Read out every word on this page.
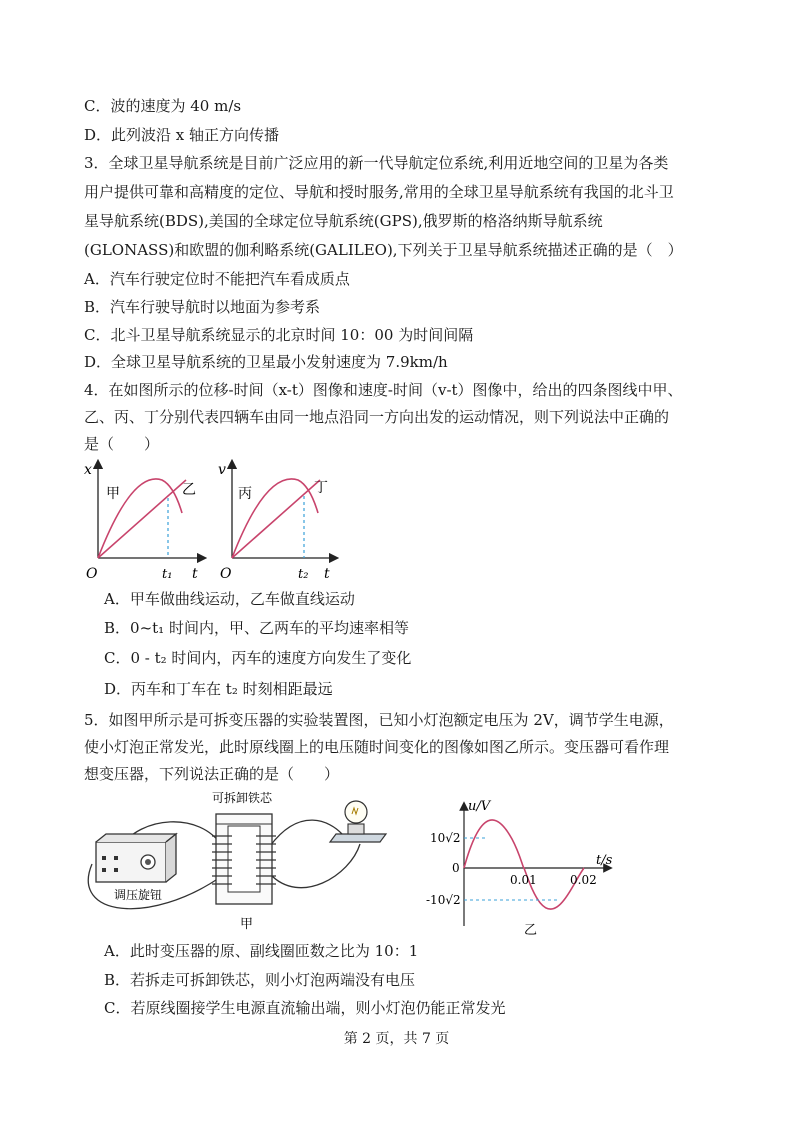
C．波的速度为 40 m/s
D．此列波沿 x 轴正方向传播
3．全球卫星导航系统是目前广泛应用的新一代导航定位系统,利用近地空间的卫星为各类
用户提供可靠和高精度的定位、导航和授时服务,常用的全球卫星导航系统有我国的北斗卫
星导航系统(BDS),美国的全球定位导航系统(GPS),俄罗斯的格洛纳斯导航系统
(GLONASS)和欧盟的伽利略系统(GALILEO),下列关于卫星导航系统描述正确的是（　）
A．汽车行驶定位时不能把汽车看成质点
B．汽车行驶导航时以地面为参考系
C．北斗卫星导航系统显示的北京时间 10：00 为时间间隔
D．全球卫星导航系统的卫星最小发射速度为 7.9km/h
4．在如图所示的位移-时间（x-t）图像和速度-时间（v-t）图像中，给出的四条图线中甲、
乙、丙、丁分别代表四辆车由同一地点沿同一方向出发的运动情况，则下列说法中正确的
是（　　）
x
t
O	t₁
甲	乙
v
t
O	t₂
丙	丁
A．甲车做曲线运动，乙车做直线运动
B．0~t₁ 时间内，甲、乙两车的平均速率相等
C．0 - t₂ 时间内，丙车的速度方向发生了变化
D．丙车和丁车在 t₂ 时刻相距最远
5．如图甲所示是可拆变压器的实验装置图，已知小灯泡额定电压为 2V，调节学生电源，
使小灯泡正常发光，此时原线圈上的电压随时间变化的图像如图乙所示。变压器可看作理
想变压器，下列说法正确的是（　　）
调压旋钮
可拆卸铁芯
甲
u/V
t/s
10√2
-10√2
0
0.01	0.02
乙
A．此时变压器的原、副线圈匝数之比为 10：1
B．若拆走可拆卸铁芯，则小灯泡两端没有电压
C．若原线圈接学生电源直流输出端，则小灯泡仍能正常发光
第 2 页，共 7 页
